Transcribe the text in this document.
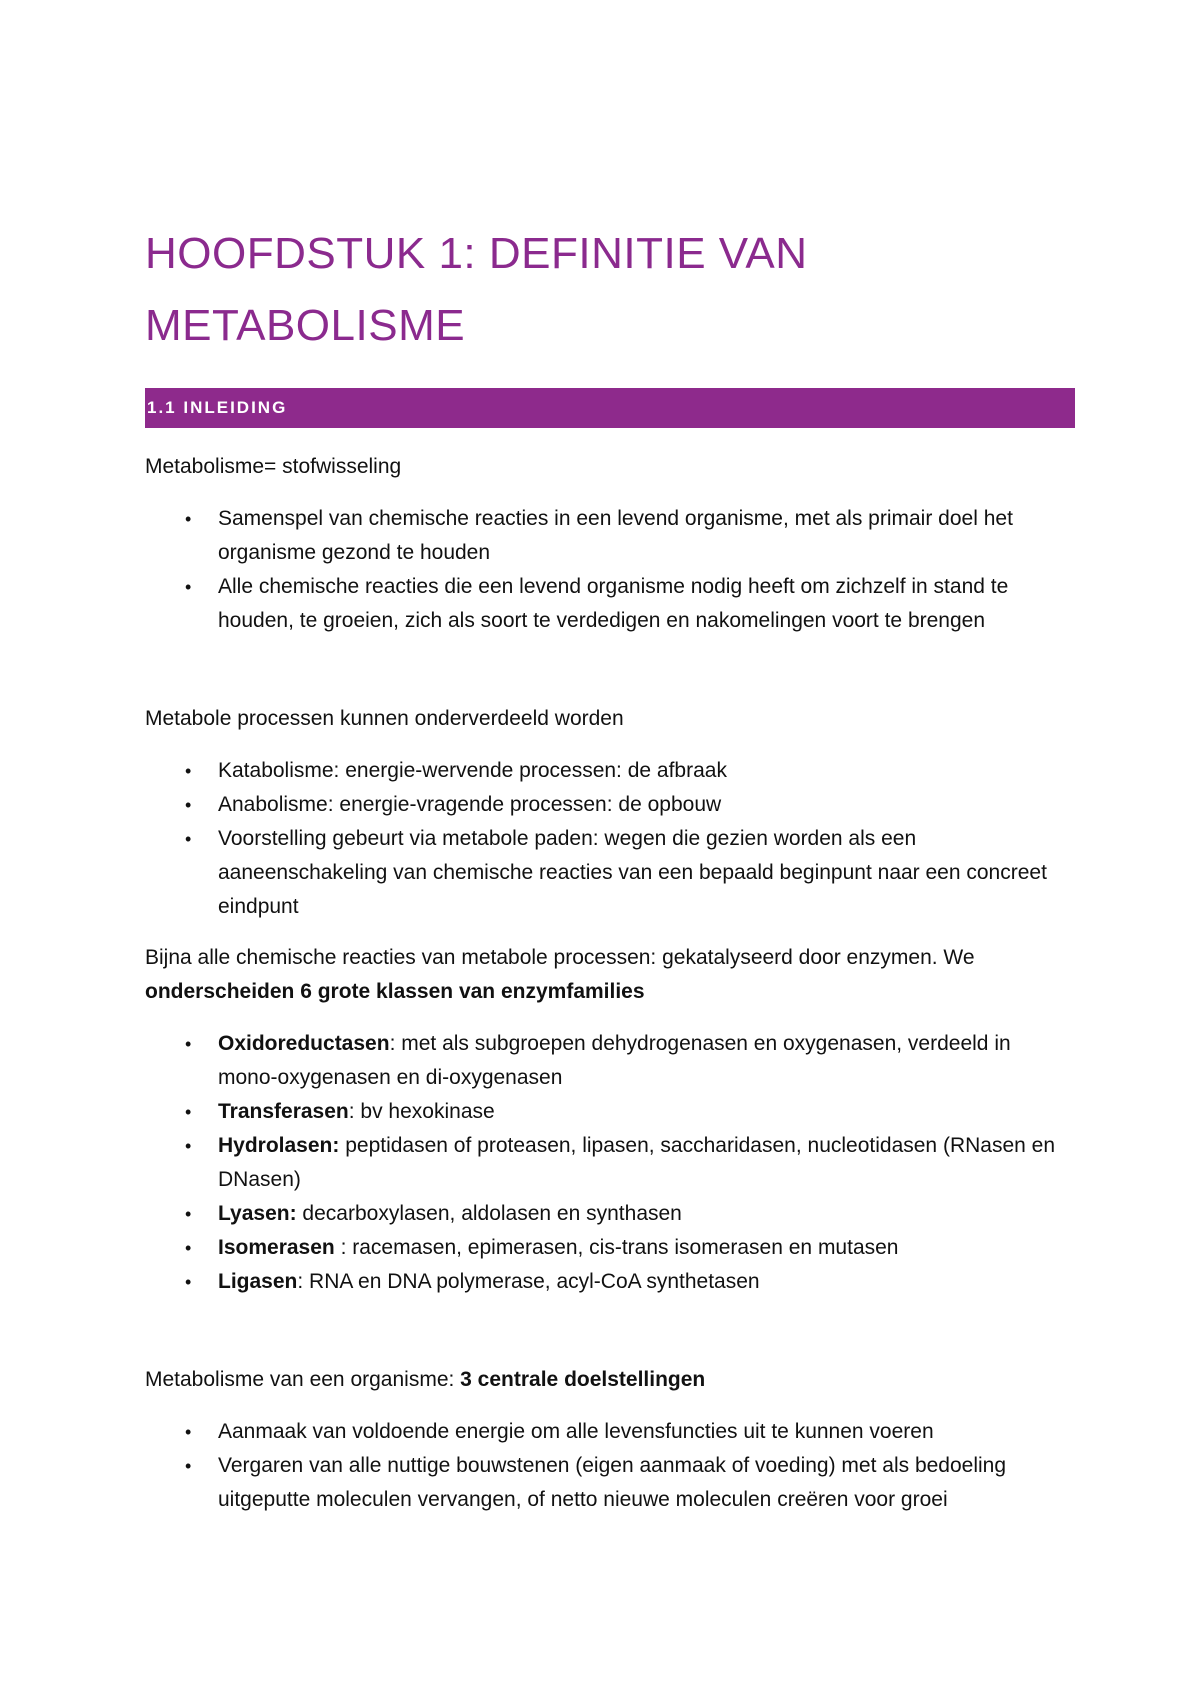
HOOFDSTUK 1: DEFINITIE VAN
METABOLISME
1.1 INLEIDING

Metabolisme= stofwisseling

• Samenspel van chemische reacties in een levend organisme, met als primair doel het organisme gezond te houden
• Alle chemische reacties die een levend organisme nodig heeft om zichzelf in stand te houden, te groeien, zich als soort te verdedigen en nakomelingen voort te brengen

Metabole processen kunnen onderverdeeld worden

• Katabolisme: energie-wervende processen: de afbraak
• Anabolisme: energie-vragende processen: de opbouw
• Voorstelling gebeurt via metabole paden: wegen die gezien worden als een aaneenschakeling van chemische reacties van een bepaald beginpunt naar een concreet eindpunt

Bijna alle chemische reacties van metabole processen: gekatalyseerd door enzymen. We onderscheiden 6 grote klassen van enzymfamilies

• Oxidoreductasen: met als subgroepen dehydrogenasen en oxygenasen, verdeeld in mono-oxygenasen en di-oxygenasen
• Transferasen: bv hexokinase
• Hydrolasen: peptidasen of proteasen, lipasen, saccharidasen, nucleotidasen (RNasen en DNasen)
• Lyasen: decarboxylasen, aldolasen en synthasen
• Isomerasen : racemasen, epimerasen, cis-trans isomerasen en mutasen
• Ligasen: RNA en DNA polymerase, acyl-CoA synthetasen

Metabolisme van een organisme: 3 centrale doelstellingen

• Aanmaak van voldoende energie om alle levensfuncties uit te kunnen voeren
• Vergaren van alle nuttige bouwstenen (eigen aanmaak of voeding) met als bedoeling uitgeputte moleculen vervangen, of netto nieuwe moleculen creëren voor groei
